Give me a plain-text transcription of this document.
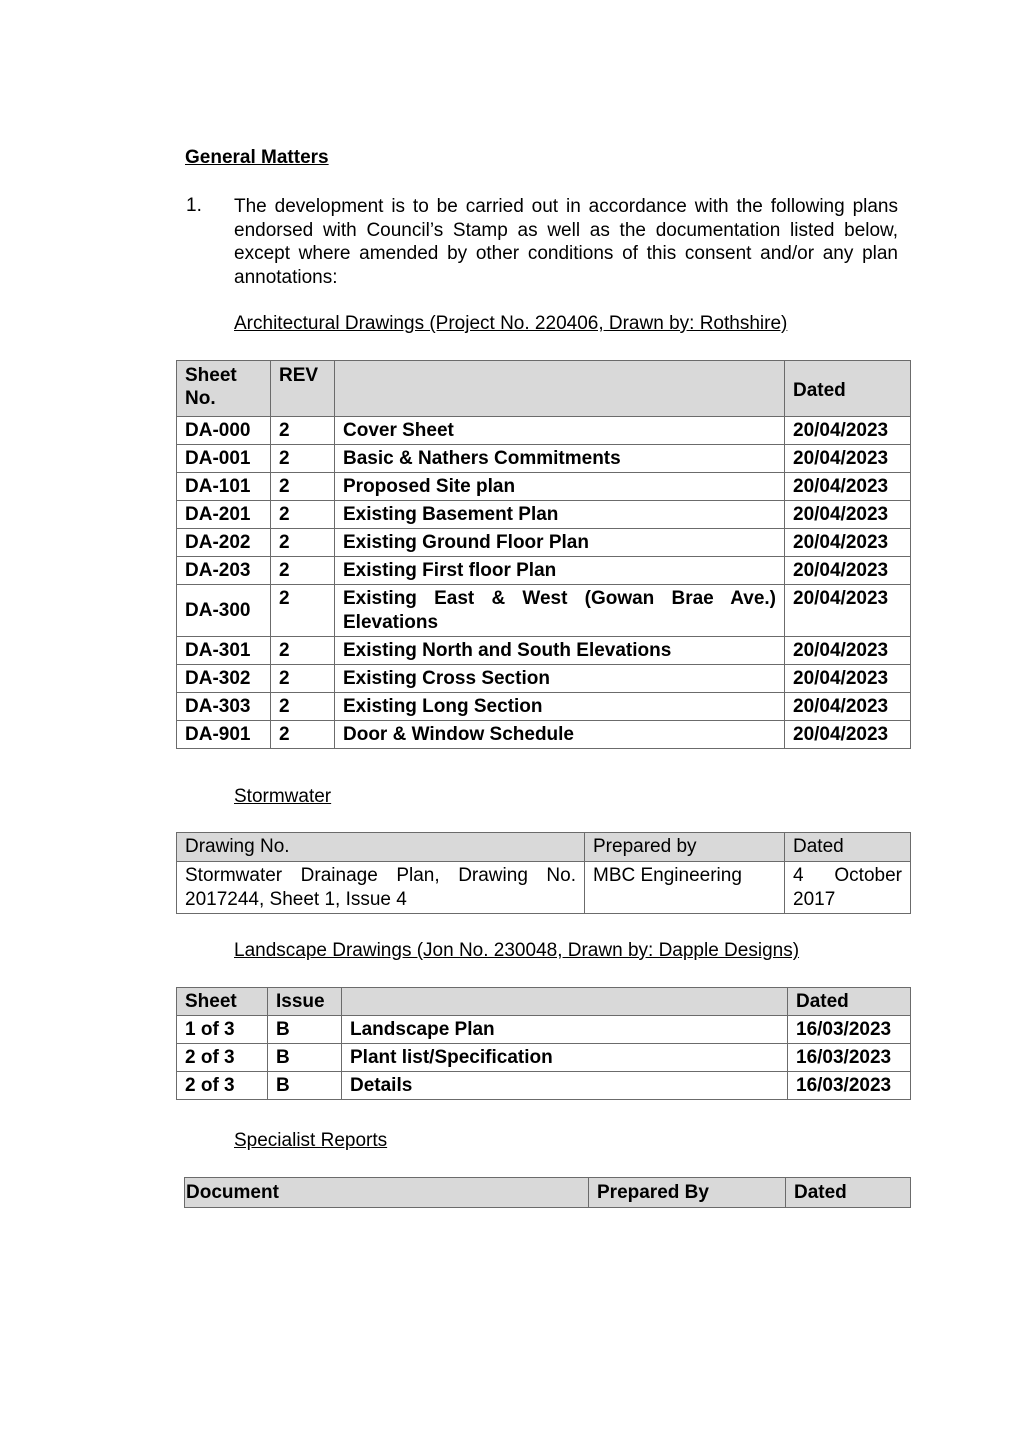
General Matters
1. The development is to be carried out in accordance with the following plans endorsed with Council’s Stamp as well as the documentation listed below, except where amended by other conditions of this consent and/or any plan annotations:
Architectural Drawings (Project No. 220406, Drawn by: Rothshire)
Sheet No.	REV		Dated
DA-000	2	Cover Sheet	20/04/2023
DA-001	2	Basic & Nathers Commitments	20/04/2023
DA-101	2	Proposed Site plan	20/04/2023
DA-201	2	Existing Basement Plan	20/04/2023
DA-202	2	Existing Ground Floor Plan	20/04/2023
DA-203	2	Existing First floor Plan	20/04/2023
DA-300	2	Existing East & West (Gowan Brae Ave.) Elevations	20/04/2023
DA-301	2	Existing North and South Elevations	20/04/2023
DA-302	2	Existing Cross Section	20/04/2023
DA-303	2	Existing Long Section	20/04/2023
DA-901	2	Door & Window Schedule	20/04/2023
Stormwater
Drawing No.	Prepared by	Dated
Stormwater Drainage Plan, Drawing No. 2017244, Sheet 1, Issue 4	MBC Engineering	4 October
2017
Landscape Drawings (Jon No. 230048, Drawn by: Dapple Designs)
Sheet	Issue		Dated
1 of 3	B	Landscape Plan	16/03/2023
2 of 3	B	Plant list/Specification	16/03/2023
2 of 3	B	Details	16/03/2023
Specialist Reports
Document	Prepared By	Dated
